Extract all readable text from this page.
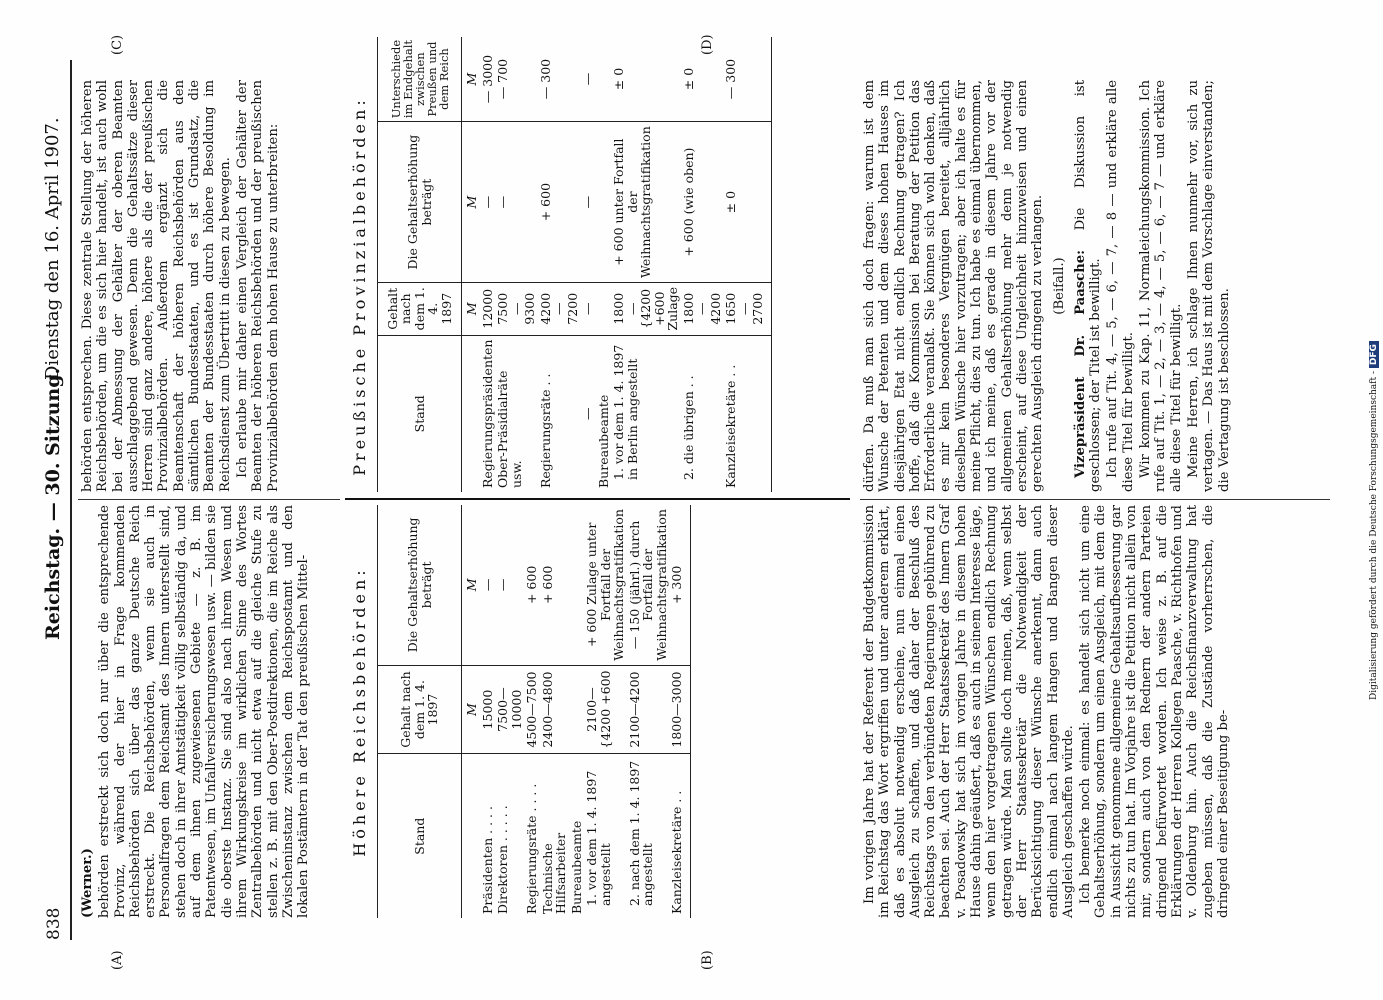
838
Reichstag. — 30. Sitzung.
Dienstag den 16. April 1907.
(A)	(B)
(C)	(D)

(Werner.) behörden erstreckt sich doch nur über die entsprechende Provinz, während der hier in Frage kommenden Reichsbehörden sich über das ganze Deutsche Reich erstreckt. Die Reichsbehörden, wenn sie auch in Personalfragen dem Reichsamt des Innern unterstellt sind, stehen doch in ihrer Amtstätigkeit völlig selbständig da, und auf dem ihnen zugewiesenen Gebiete — z. B. im Patentwesen, im Unfallversicherungswesen usw. — bilden sie die oberste Instanz. Sie sind also nach ihrem Wesen und ihrem Wirkungskreise im wirklichen Sinne des Wortes Zentralbehörden und nicht etwa auf die gleiche Stufe zu stellen z. B. mit den Ober-Postdirektionen, die im Reiche als Zwischeninstanz zwischen dem Reichspostamt und den lokalen Postämtern in der Tat den preußischen Mittel-

behörden entsprechen. Diese zentrale Stellung der höheren Reichsbehörden, um die es sich hier handelt, ist auch wohl bei der Abmessung der Gehälter der oberen Beamten ausschlaggebend gewesen. Denn die Gehaltssätze dieser Herren sind ganz andere, höhere als die der preußischen Provinzialbehörden. Außerdem ergänzt sich die Beamtenschaft der höheren Reichsbehörden aus den sämtlichen Bundesstaaten, und es ist Grundsatz, die Beamten der Bundesstaaten durch höhere Besoldung im Reichsdienst zum Übertritt in diesen zu bewegen. Ich erlaube mir daher einen Vergleich der Gehälter der Beamten der höheren Reichsbehörden und der preußischen Provinzialbehörden dem hohen Hause zu unterbreiten:

Höhere Reichsbehörden:	Stand	Gehalt nach dem 1. 4. 1897	Die Gehaltserhöhung beträgt
	M	M
Präsidenten . . . .	15000	—
Direktoren . . . . .	7500—10000	—
Regierungsräte . . . .	4500—7500	+ 600
Technische Hilfsarbeiter	2400—4800	+ 600
Bureaubeamte		
1. vor dem 1. 4. 1897 angestellt	2100—{4200 +600	+ 600 Zulage unter Fortfall der Weihnachtsgratifikation
2. nach dem 1. 4. 1897 angestellt	2100—4200	— 150 (jährl.) durch Fortfall der Weihnachtsgratifikation
Kanzleisekretäre . .	1800—3000	+ 300
Preußische Provinzialbehörden:	Stand	Gehalt nach dem 1. 4. 1897	Die Gehaltserhöhung beträgt	Unterschiede im Endgehalt zwischen Preußen und dem Reich
	M	M	M
Regierungspräsidenten	12000	—	— 3000
Ober-Präsidialräte usw.	7500—9300	—	— 700
Regierungsräte . .	4200—7200	+ 600	— 300
—	—	—	—
Bureaubeamte			
1. vor dem 1. 4. 1897 in Berlin angestellt	1800—{4200 +600 Zulage	+ 600 unter Fortfall der Weihnachtsgratifikation	± 0
2. die übrigen . .	1800—4200	+ 600 (wie oben)	± 0
Kanzleisekretäre . .	1650—2700	± 0	— 300

Im vorigen Jahre hat der Referent der Budgetkommission im Reichstag das Wort ergriffen und unter anderem erklärt, daß es absolut notwendig erscheine, nun einmal einen Ausgleich zu schaffen, und daß daher der Beschluß des Reichstags von den verbündeten Regierungen gebührend zu beachten sei. Auch der Herr Staatssekretär des Innern Graf v. Posadowsky hat sich im vorigen Jahre in diesem hohen Hause dahin geäußert, daß es auch in seinem Interesse läge, wenn den hier vorgetragenen Wünschen endlich Rechnung getragen würde. Man sollte doch meinen, daß, wenn selbst der Herr Staatssekretär die Notwendigkeit der Berücksichtigung dieser Wünsche anerkennt, dann auch endlich einmal nach langem Hangen und Bangen dieser Ausgleich geschaffen würde. Ich bemerke noch einmal: es handelt sich nicht um eine Gehaltserhöhung, sondern um einen Ausgleich, mit dem die in Aussicht genommene allgemeine Gehaltsaufbesserung gar nichts zu tun hat. Im Vorjahre ist die Petition nicht allein von mir, sondern auch von den Rednern der andern Parteien dringend befürwortet worden. Ich weise z. B. auf die Erklärungen der Herren Kollegen Paasche, v. Richthofen und v. Oldenburg hin. Auch die Reichsfinanzverwaltung hat zugeben müssen, daß die Zustände vorherrschen, die dringend einer Beseitigung be-

dürfen. Da muß man sich doch fragen: warum ist dem Wunsche der Petenten und dem dieses hohen Hauses im diesjährigen Etat nicht endlich Rechnung getragen? Ich hoffe, daß die Kommission bei Beratung der Petition das Erforderliche veranlaßt. Sie können sich wohl denken, daß es mir kein besonderes Vergnügen bereitet, alljährlich dieselben Wünsche hier vorzutragen; aber ich halte es für meine Pflicht, dies zu tun. Ich habe es einmal übernommen, und ich meine, daß es gerade in diesem Jahre vor der allgemeinen Gehaltserhöhung mehr denn je notwendig erscheint, auf diese Ungleichheit hinzuweisen und einen gerechten Ausgleich dringend zu verlangen. (Beifall.) Vizepräsident Dr. Paasche: Die Diskussion ist geschlossen; der Titel ist bewilligt. Ich rufe auf Tit. 4, — 5, — 6, — 7, — 8 — und erkläre alle diese Titel für bewilligt. Wir kommen zu Kap. 11, Normaleichungskommission. Ich rufe auf Tit. 1, — 2, — 3, — 4, — 5, — 6, — 7 — und erkläre alle diese Titel für bewilligt. Meine Herren, ich schlage Ihnen nunmehr vor, sich zu vertagen. — Das Haus ist mit dem Vorschlage einverstanden; die Vertagung ist beschlossen.	Digitalisierung gefördert durch die Deutsche Forschungsgemeinschaft - DFG
